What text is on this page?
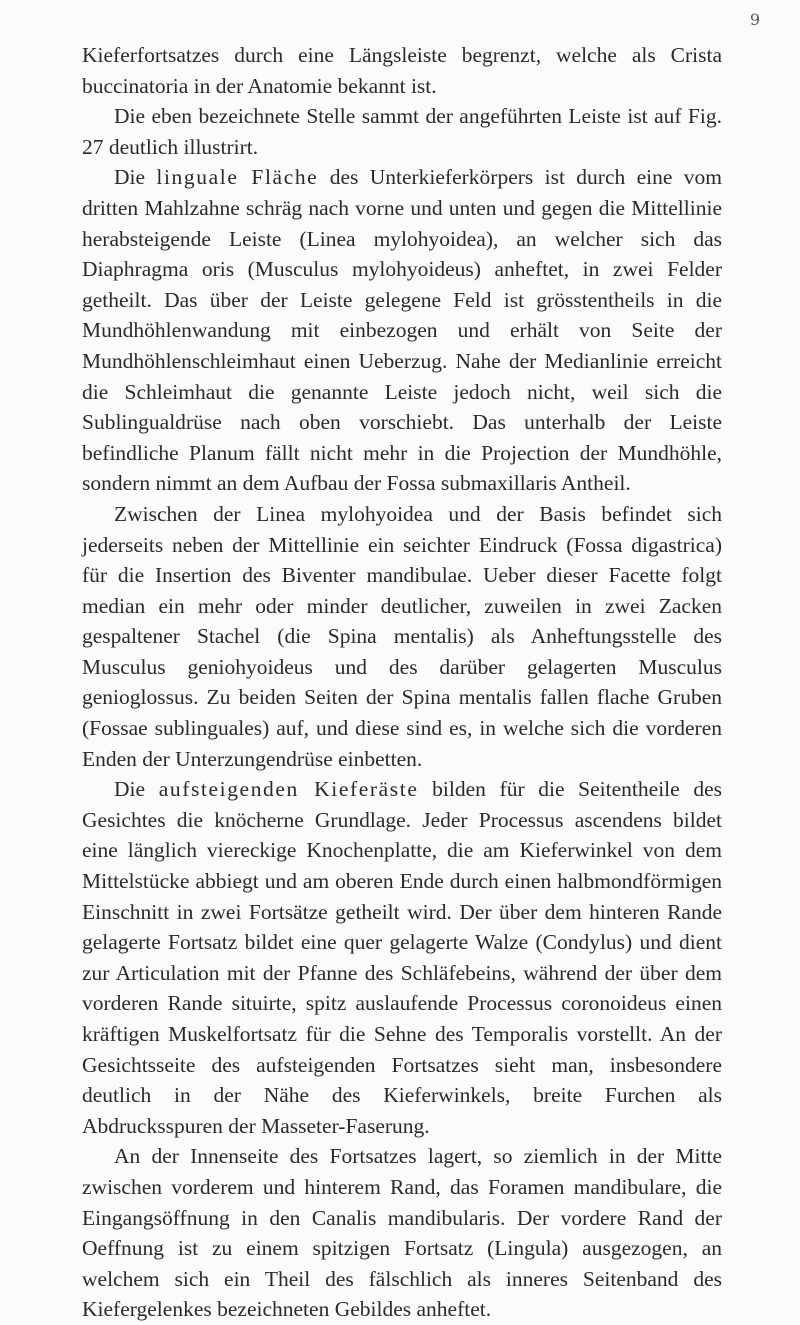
9

Kieferfortsatzes durch eine Längsleiste begrenzt, welche als Crista buccinatoria in der Anatomie bekannt ist.

Die eben bezeichnete Stelle sammt der angeführten Leiste ist auf Fig. 27 deutlich illustrirt.

Die linguale Fläche des Unterkieferkörpers ist durch eine vom dritten Mahlzahne schräg nach vorne und unten und gegen die Mittellinie herabsteigende Leiste (Linea mylohyoidea), an welcher sich das Diaphragma oris (Musculus mylohyoideus) anheftet, in zwei Felder getheilt. Das über der Leiste gelegene Feld ist grösstentheils in die Mundhöhlenwandung mit einbezogen und erhält von Seite der Mundhöhlenschleimhaut einen Ueberzug. Nahe der Medianlinie erreicht die Schleimhaut die genannte Leiste jedoch nicht, weil sich die Sublingualdrüse nach oben vorschiebt. Das unterhalb der Leiste befindliche Planum fällt nicht mehr in die Projection der Mundhöhle, sondern nimmt an dem Aufbau der Fossa submaxillaris Antheil.

Zwischen der Linea mylohyoidea und der Basis befindet sich jederseits neben der Mittellinie ein seichter Eindruck (Fossa digastrica) für die Insertion des Biventer mandibulae. Ueber dieser Facette folgt median ein mehr oder minder deutlicher, zuweilen in zwei Zacken gespaltener Stachel (die Spina mentalis) als Anheftungsstelle des Musculus geniohyoideus und des darüber gelagerten Musculus genioglossus. Zu beiden Seiten der Spina mentalis fallen flache Gruben (Fossae sublinguales) auf, und diese sind es, in welche sich die vorderen Enden der Unterzungendrüse einbetten.

Die aufsteigenden Kieferäste bilden für die Seitentheile des Gesichtes die knöcherne Grundlage. Jeder Processus ascendens bildet eine länglich viereckige Knochenplatte, die am Kieferwinkel von dem Mittelstücke abbiegt und am oberen Ende durch einen halbmondförmigen Einschnitt in zwei Fortsätze getheilt wird. Der über dem hinteren Rande gelagerte Fortsatz bildet eine quer gelagerte Walze (Condylus) und dient zur Articulation mit der Pfanne des Schläfebeins, während der über dem vorderen Rande situirte, spitz auslaufende Processus coronoideus einen kräftigen Muskelfortsatz für die Sehne des Temporalis vorstellt. An der Gesichtsseite des aufsteigenden Fortsatzes sieht man, insbesondere deutlich in der Nähe des Kieferwinkels, breite Furchen als Abdrucksspuren der Masseter-Faserung.

An der Innenseite des Fortsatzes lagert, so ziemlich in der Mitte zwischen vorderem und hinterem Rand, das Foramen mandibulare, die Eingangsöffnung in den Canalis mandibularis. Der vordere Rand der Oeffnung ist zu einem spitzigen Fortsatz (Lingula) ausgezogen, an welchem sich ein Theil des fälschlich als inneres Seitenband des Kiefergelenkes bezeichneten Gebildes anheftet.
